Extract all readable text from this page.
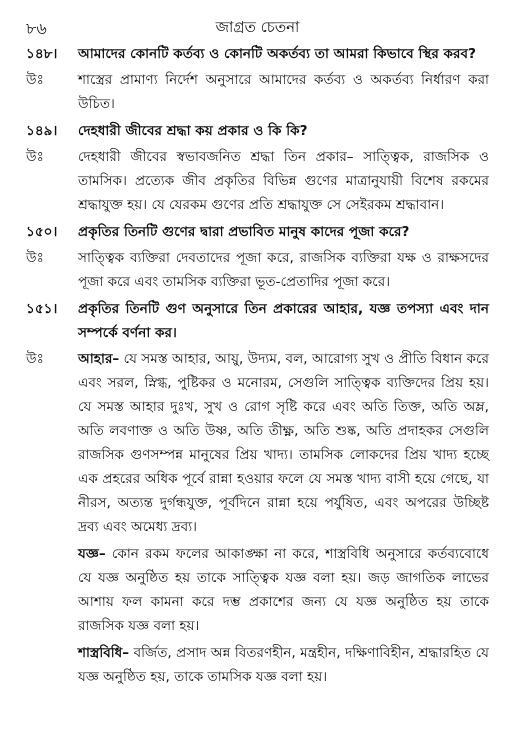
৮৬	জাগ্রত চেতনা
১৪৮।	আমাদের কোনটি কর্তব্য ও কোনটি অকর্তব্য তা আমরা কিভাবে স্থির করব?
উঃ	শাস্ত্রের প্রামাণ্য নির্দেশ অনুসারে আমাদের কর্তব্য ও অকর্তব্য নির্ধারণ করা উচিত।
১৪৯।	দেহধারী জীবের শ্রদ্ধা কয় প্রকার ও কি কি?
উঃ	দেহধারী জীবের স্বভাবজনিত শ্রদ্ধা তিন প্রকার– সাত্ত্বিক, রাজসিক ও তামসিক। প্রত্যেক জীব প্রকৃতির বিভিন্ন গুণের মাত্রানুযায়ী বিশেষ রকমের শ্রদ্ধাযুক্ত হয়। যে যেরকম গুণের প্রতি শ্রদ্ধাযুক্ত সে সেইরকম শ্রদ্ধাবান।
১৫০।	প্রকৃতির তিনটি গুণের দ্বারা প্রভাবিত মানুষ কাদের পূজা করে?
উঃ	সাত্ত্বিক ব্যক্তিরা দেবতাদের পূজা করে, রাজসিক ব্যক্তিরা যক্ষ ও রাক্ষসদের পূজা করে এবং তামসিক ব্যক্তিরা ভূত-প্রেতাদির পূজা করে।
১৫১।	প্রকৃতির তিনটি গুণ অনুসারে তিন প্রকারের আহার, যজ্ঞ তপস্যা এবং দান সম্পর্কে বর্ণনা কর।
উঃ	আহার– যে সমস্ত আহার, আয়ু, উদ্যম, বল, আরোগ্য সুখ ও প্রীতি বিধান করে এবং সরল, স্নিগ্ধ, পুষ্টিকর ও মনোরম, সেগুলি সাত্ত্বিক ব্যক্তিদের প্রিয় হয়। যে সমস্ত আহার দুঃখ, সুখ ও রোগ সৃষ্টি করে এবং অতি তিক্ত, অতি অম্ল, অতি লবণাক্ত ও অতি উষ্ণ, অতি তীক্ষ্ণ, অতি শুষ্ক, অতি প্রদাহকর সেগুলি রাজসিক গুণসম্পন্ন মানুষের প্রিয় খাদ্য। তামসিক লোকদের প্রিয় খাদ্য হচ্ছে এক প্রহরের অধিক পূর্বে রান্না হওয়ার ফলে যে সমস্ত খাদ্য বাসী হয়ে গেছে, যা নীরস, অত্যন্ত দুর্গন্ধযুক্ত, পূর্বদিনে রান্না হয়ে পর্যুষিত, এবং অপরের উচ্ছিষ্ট দ্রব্য এবং অমেধ্য দ্রব্য।
যজ্ঞ– কোন রকম ফলের আকাঙ্ক্ষা না করে, শাস্ত্রবিধি অনুসারে কর্তব্যবোধে যে যজ্ঞ অনুষ্ঠিত হয় তাকে সাত্ত্বিক যজ্ঞ বলা হয়। জড় জাগতিক লাভের আশায় ফল কামনা করে দম্ভ প্রকাশের জন্য যে যজ্ঞ অনুষ্ঠিত হয় তাকে রাজসিক যজ্ঞ বলা হয়।
শাস্ত্রবিধি– বর্জিত, প্রসাদ অন্ন বিতরণহীন, মন্ত্রহীন, দক্ষিণাবিহীন, শ্রদ্ধারহিত যে যজ্ঞ অনুষ্ঠিত হয়, তাকে তামসিক যজ্ঞ বলা হয়।
